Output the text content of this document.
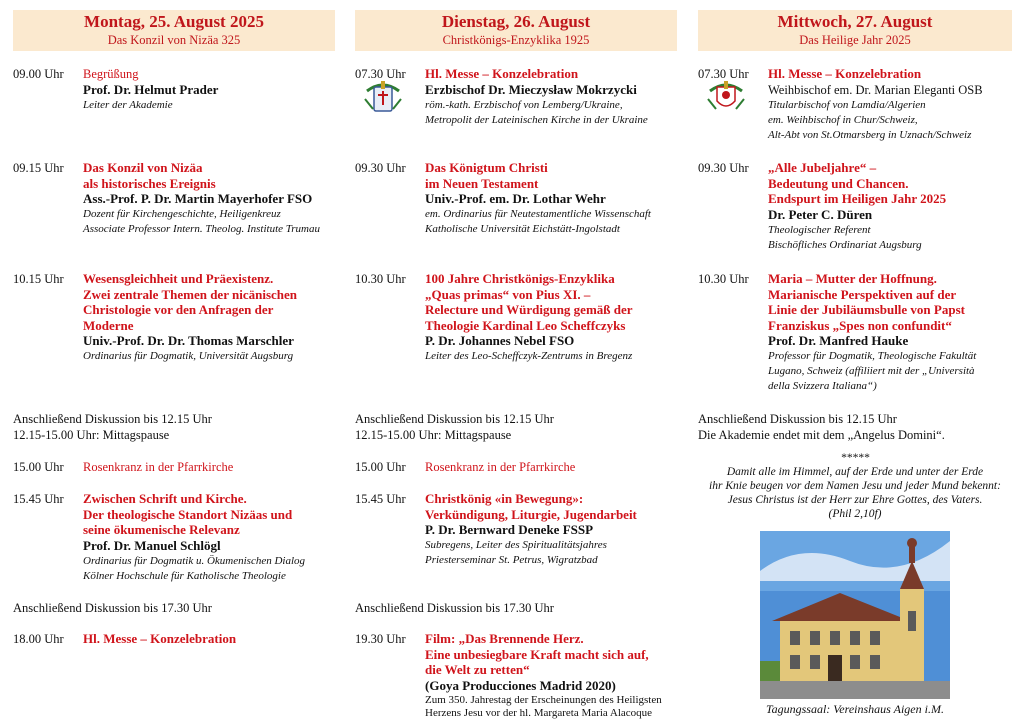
Montag, 25. August 2025
Das Konzil von Nizäa 325
09.00 Uhr	Begrüßung
Prof. Dr. Helmut Prader
Leiter der Akademie
09.15 Uhr	Das Konzil von Nizäa
als historisches Ereignis
Ass.-Prof. P. Dr. Martin Mayerhofer FSO
Dozent für Kirchengeschichte, Heiligenkreuz
Associate Professor Intern. Theolog. Institute Trumau
10.15 Uhr	Wesensgleichheit und Präexistenz.
Zwei zentrale Themen der nicänischen
Christologie vor den Anfragen der
Moderne
Univ.-Prof. Dr. Dr. Thomas Marschler
Ordinarius für Dogmatik, Universität Augsburg
Anschließend Diskussion bis 12.15 Uhr
12.15-15.00 Uhr: Mittagspause
15.00 Uhr	Rosenkranz in der Pfarrkirche
15.45 Uhr	Zwischen Schrift und Kirche.
Der theologische Standort Nizäas und
seine ökumenische Relevanz
Prof. Dr. Manuel Schlögl
Ordinarius für Dogmatik u. Ökumenischen Dialog
Kölner Hochschule für Katholische Theologie
Anschließend Diskussion bis 17.30 Uhr
18.00 Uhr	Hl. Messe – Konzelebration
Dienstag, 26. August
Christkönigs-Enzyklika 1925
07.30 Uhr	Hl. Messe – Konzelebration
Erzbischof Dr. Mieczysław Mokrzycki
röm.-kath. Erzbischof von Lemberg/Ukraine,
Metropolit der Lateinischen Kirche in der Ukraine
09.30 Uhr	Das Königtum Christi
im Neuen Testament
Univ.-Prof. em. Dr. Lothar Wehr
em. Ordinarius für Neutestamentliche Wissenschaft
Katholische Universität Eichstätt-Ingolstadt
10.30 Uhr	100 Jahre Christkönigs-Enzyklika
„Quas primas“ von Pius XI. –
Relecture und Würdigung gemäß der
Theologie Kardinal Leo Scheffczyks
P. Dr. Johannes Nebel FSO
Leiter des Leo-Scheffczyk-Zentrums in Bregenz
Anschließend Diskussion bis 12.15 Uhr
12.15-15.00 Uhr: Mittagspause
15.00 Uhr	Rosenkranz in der Pfarrkirche
15.45 Uhr	Christkönig «in Bewegung»:
Verkündigung, Liturgie, Jugendarbeit
P. Dr. Bernward Deneke FSSP
Subregens, Leiter des Spiritualitätsjahres
Priesterseminar St. Petrus, Wigratzbad
Anschließend Diskussion bis 17.30 Uhr
19.30 Uhr	Film: „Das Brennende Herz.
Eine unbesiegbare Kraft macht sich auf,
die Welt zu retten“
(Goya Producciones Madrid 2020)
Zum 350. Jahrestag der Erscheinungen des Heiligsten
Herzens Jesu vor der hl. Margareta Maria Alacoque
Mittwoch, 27. August
Das Heilige Jahr 2025
07.30 Uhr	Hl. Messe – Konzelebration
Weihbischof em. Dr. Marian Eleganti OSB
Titularbischof von Lamdia/Algerien
em. Weihbischof in Chur/Schweiz,
Alt-Abt von St.Otmarsberg in Uznach/Schweiz
09.30 Uhr	„Alle Jubeljahre“ –
Bedeutung und Chancen.
Endspurt im Heiligen Jahr 2025
Dr. Peter C. Düren
Theologischer Referent
Bischöfliches Ordinariat Augsburg
10.30 Uhr	Maria – Mutter der Hoffnung.
Marianische Perspektiven auf der
Linie der Jubiläumsbulle von Papst
Franziskus „Spes non confundit“
Prof. Dr. Manfred Hauke
Professor für Dogmatik, Theologische Fakultät
Lugano, Schweiz (affiliiert mit der „Università
della Svizzera Italiana“)
Anschließend Diskussion bis 12.15 Uhr
Die Akademie endet mit dem „Angelus Domini“.
*****
Damit alle im Himmel, auf der Erde und unter der Erde
ihr Knie beugen vor dem Namen Jesu und jeder Mund bekennt:
Jesus Christus ist der Herr zur Ehre Gottes, des Vaters.
(Phil 2,10f)
Tagungssaal: Vereinshaus Aigen i.M.
